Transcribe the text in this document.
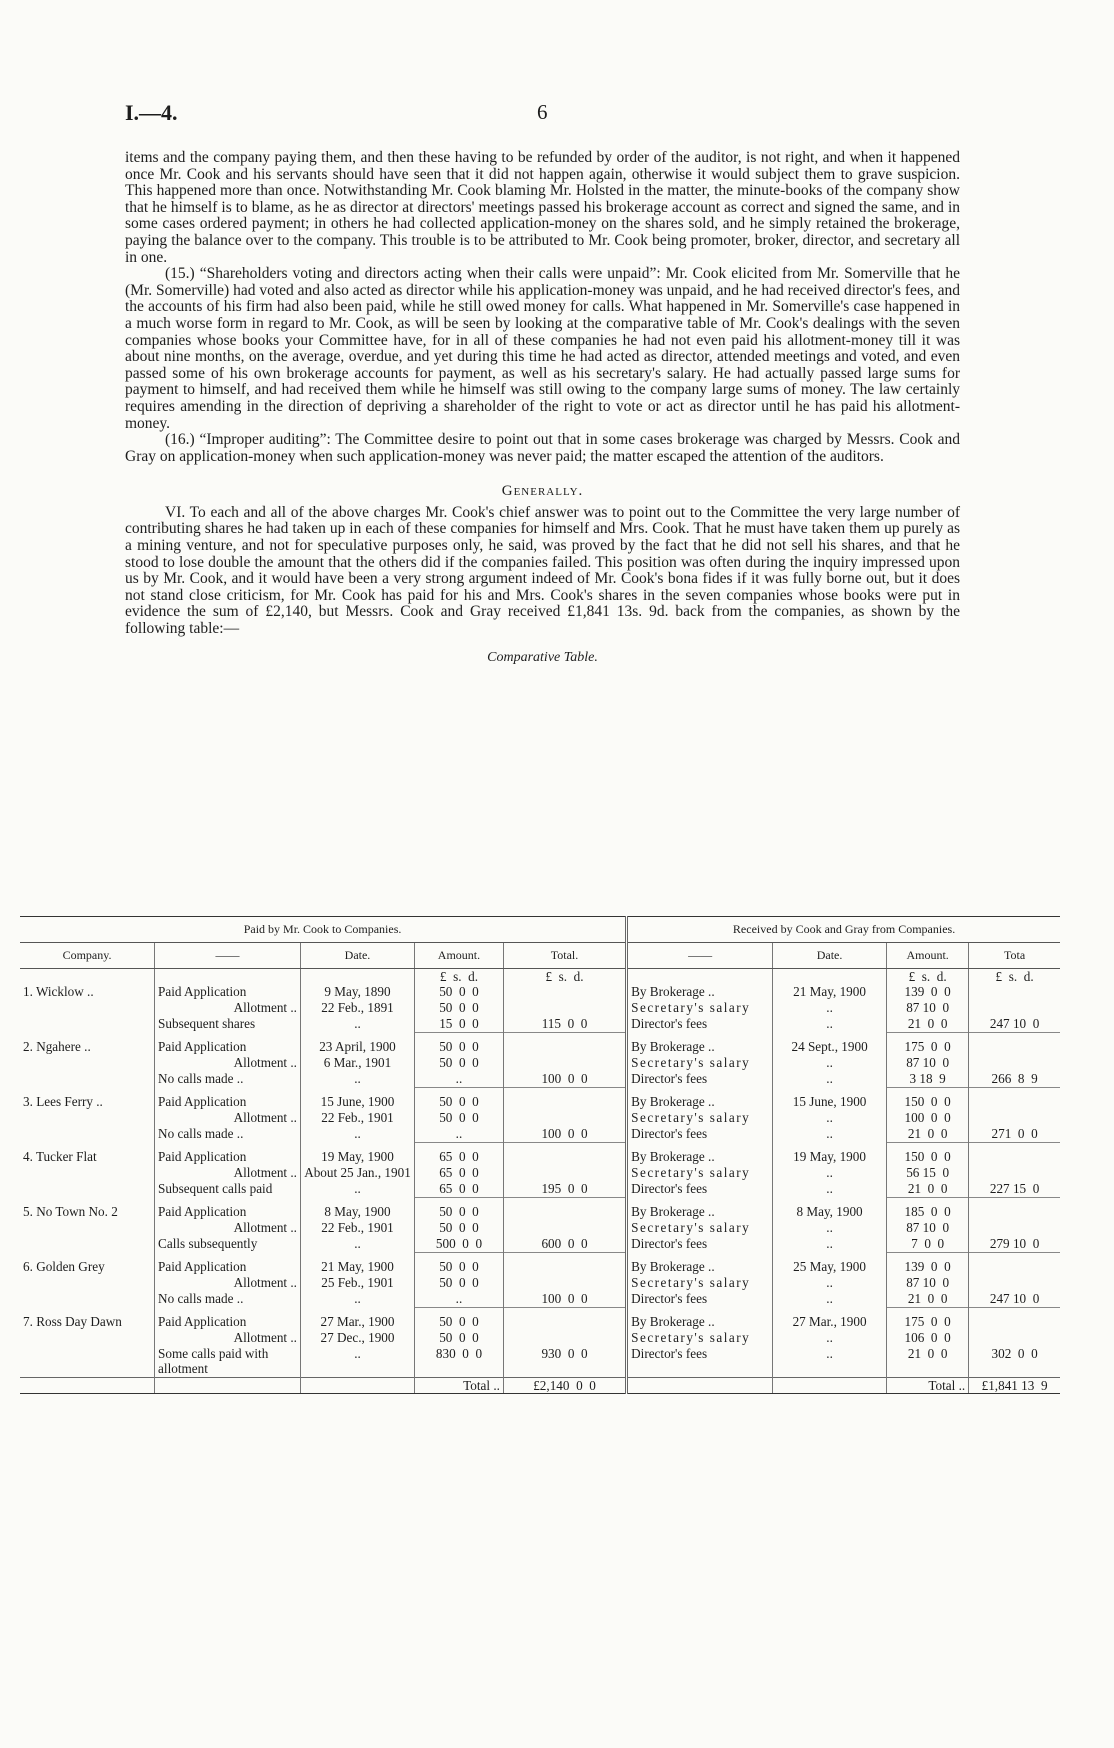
I.—4.	6

items and the company paying them, and then these having to be refunded by order of the auditor, is not right, and when it happened once Mr. Cook and his servants should have seen that it did not happen again, otherwise it would subject them to grave suspicion. This happened more than once. Notwithstanding Mr. Cook blaming Mr. Holsted in the matter, the minute-books of the company show that he himself is to blame, as he as director at directors' meetings passed his brokerage account as correct and signed the same, and in some cases ordered payment; in others he had collected application-money on the shares sold, and he simply retained the brokerage, paying the balance over to the company. This trouble is to be attributed to Mr. Cook being promoter, broker, director, and secretary all in one.

(15.) “Shareholders voting and directors acting when their calls were unpaid”: Mr. Cook elicited from Mr. Somerville that he (Mr. Somerville) had voted and also acted as director while his application-money was unpaid, and he had received director's fees, and the accounts of his firm had also been paid, while he still owed money for calls. What happened in Mr. Somerville's case happened in a much worse form in regard to Mr. Cook, as will be seen by looking at the comparative table of Mr. Cook's dealings with the seven companies whose books your Committee have, for in all of these companies he had not even paid his allotment-money till it was about nine months, on the average, overdue, and yet during this time he had acted as director, attended meetings and voted, and even passed some of his own brokerage accounts for payment, as well as his secretary's salary. He had actually passed large sums for payment to himself, and had received them while he himself was still owing to the company large sums of money. The law certainly requires amending in the direction of depriving a shareholder of the right to vote or act as director until he has paid his allotment-money.

(16.) “Improper auditing”: The Committee desire to point out that in some cases brokerage was charged by Messrs. Cook and Gray on application-money when such application-money was never paid; the matter escaped the attention of the auditors.

Generally.

VI. To each and all of the above charges Mr. Cook's chief answer was to point out to the Committee the very large number of contributing shares he had taken up in each of these companies for himself and Mrs. Cook. That he must have taken them up purely as a mining venture, and not for speculative purposes only, he said, was proved by the fact that he did not sell his shares, and that he stood to lose double the amount that the others did if the companies failed. This position was often during the inquiry impressed upon us by Mr. Cook, and it would have been a very strong argument indeed of Mr. Cook's bona fides if it was fully borne out, but it does not stand close criticism, for Mr. Cook has paid for his and Mrs. Cook's shares in the seven companies whose books were put in evidence the sum of £2,140, but Messrs. Cook and Gray received £1,841 13s. 9d. back from the companies, as shown by the following table:—

Comparative Table.
Paid by Mr. Cook to Companies.					Received by Cook and Gray from Companies.			
Company.	——	Date.	Amount.	Total.	——	Date.	Amount.	Tota
			£  s.  d.	£  s.  d.			£  s.  d.	£  s.  d.
1. Wicklow ..	Paid Application	9 May, 1890	50  0  0		By Brokerage ..	21 May, 1900	139  0  0	
	Allotment ..	22 Feb., 1891	50  0  0		Secretary's salary	..	87 10  0	
	Subsequent shares	..	15  0  0	115  0  0	Director's fees	..	21  0  0	247 10  0
2. Ngahere ..	Paid Application	23 April, 1900	50  0  0		By Brokerage ..	24 Sept., 1900	175  0  0	
	Allotment ..	6 Mar., 1901	50  0  0		Secretary's salary	..	87 10  0	
	No calls made ..	..	..	100  0  0	Director's fees	..	3 18  9	266  8  9
3. Lees Ferry ..	Paid Application	15 June, 1900	50  0  0		By Brokerage ..	15 June, 1900	150  0  0	
	Allotment ..	22 Feb., 1901	50  0  0		Secretary's salary	..	100  0  0	
	No calls made ..	..	..	100  0  0	Director's fees	..	21  0  0	271  0  0
4. Tucker Flat	Paid Application	19 May, 1900	65  0  0		By Brokerage ..	19 May, 1900	150  0  0	
	Allotment ..	About 25 Jan., 1901	65  0  0		Secretary's salary	..	56 15  0	
	Subsequent calls paid	..	65  0  0	195  0  0	Director's fees	..	21  0  0	227 15  0
5. No Town No. 2	Paid Application	8 May, 1900	50  0  0		By Brokerage ..	8 May, 1900	185  0  0	
	Allotment ..	22 Feb., 1901	50  0  0		Secretary's salary	..	87 10  0	
	Calls subsequently	..	500  0  0	600  0  0	Director's fees	..	7  0  0	279 10  0
6. Golden Grey	Paid Application	21 May, 1900	50  0  0		By Brokerage ..	25 May, 1900	139  0  0	
	Allotment ..	25 Feb., 1901	50  0  0		Secretary's salary	..	87 10  0	
	No calls made ..	..	..	100  0  0	Director's fees	..	21  0  0	247 10  0
7. Ross Day Dawn	Paid Application	27 Mar., 1900	50  0  0		By Brokerage ..	27 Mar., 1900	175  0  0	
	Allotment ..	27 Dec., 1900	50  0  0		Secretary's salary	..	106  0  0	
	Some calls paid with allotment	..	830  0  0	930  0  0	Director's fees	..	21  0  0	302  0  0
			Total ..	£2,140  0  0			Total ..	£1,841 13  9
